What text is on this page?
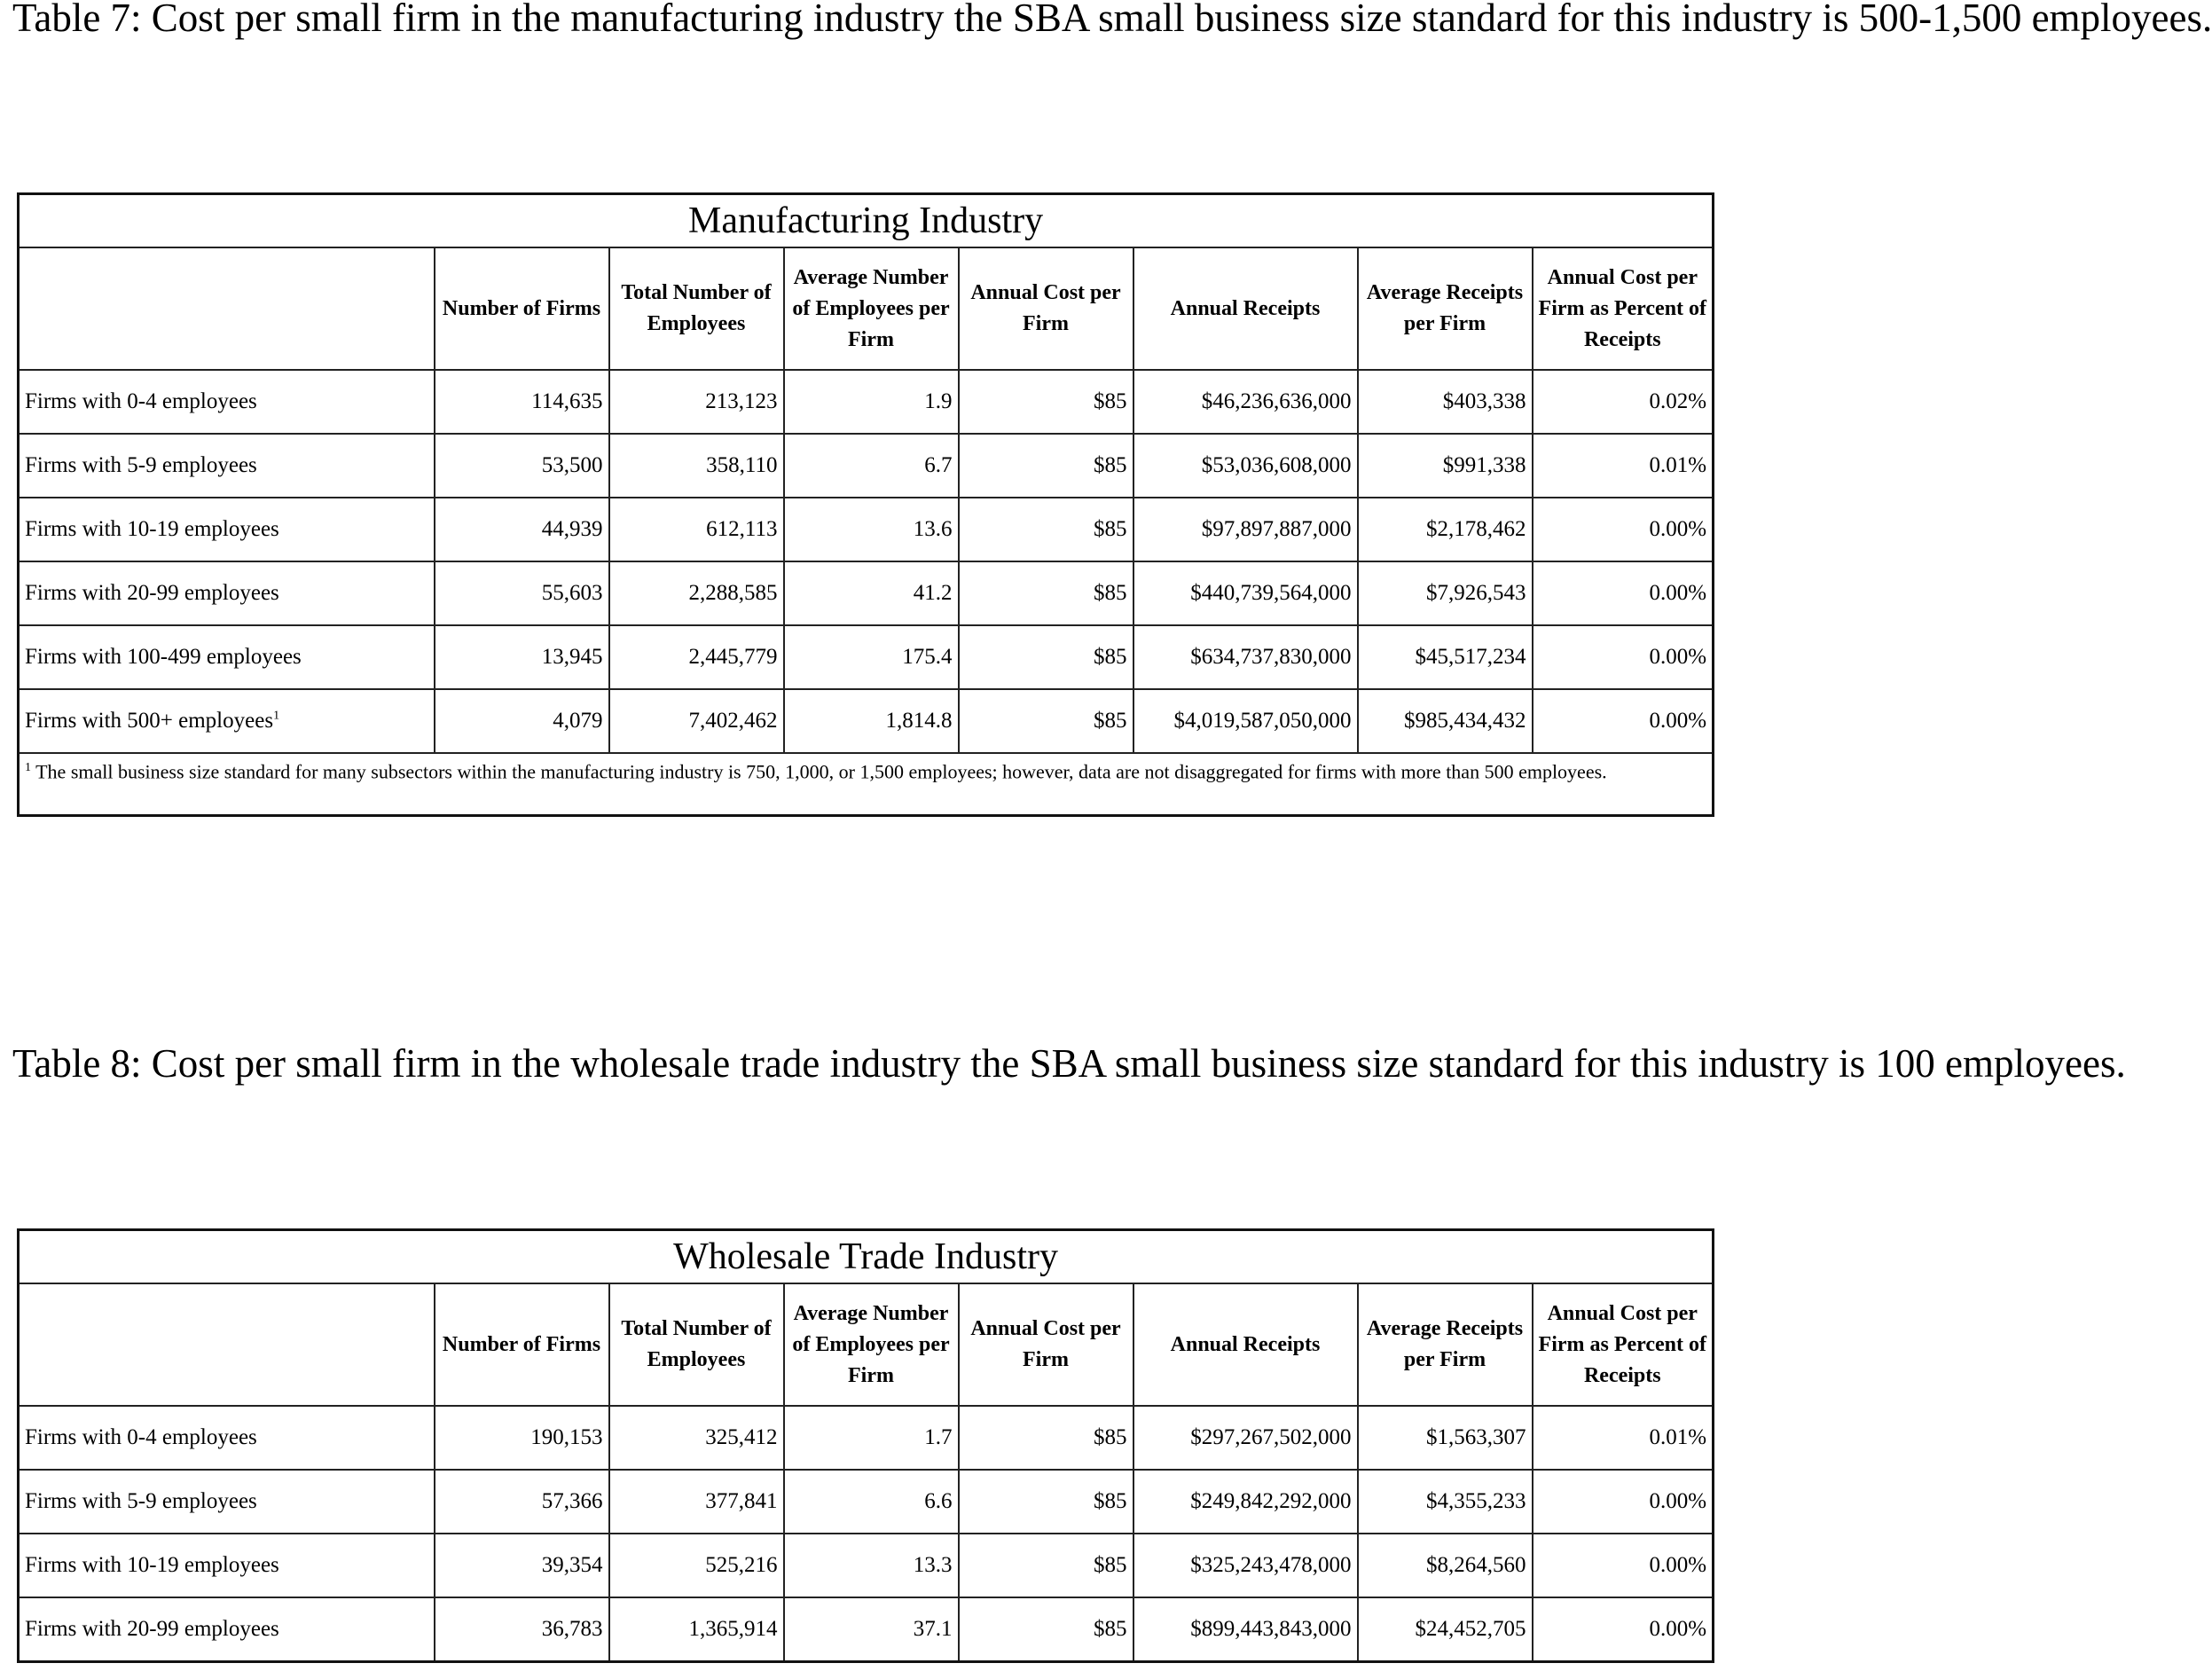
Table 7: Cost per small firm in the manufacturing industry the SBA small business size standard for this industry is 500-1,500 employees.

Manufacturing Industry							
	Number of Firms	Total Number of Employees	Average Number of Employees per Firm	Annual Cost per Firm	Annual Receipts	Average Receipts per Firm	Annual Cost per Firm as Percent of Receipts
Firms with 0-4 employees	114,635	213,123	1.9	$85	$46,236,636,000	$403,338	0.02%
Firms with 5-9 employees	53,500	358,110	6.7	$85	$53,036,608,000	$991,338	0.01%
Firms with 10-19 employees	44,939	612,113	13.6	$85	$97,897,887,000	$2,178,462	0.00%
Firms with 20-99 employees	55,603	2,288,585	41.2	$85	$440,739,564,000	$7,926,543	0.00%
Firms with 100-499 employees	13,945	2,445,779	175.4	$85	$634,737,830,000	$45,517,234	0.00%
Firms with 500+ employees$^1$	4,079	7,402,462	1,814.8	$85	$4,019,587,050,000	$985,434,432	0.00%
$^1$ The small business size standard for many subsectors within the manufacturing industry is 750, 1,000, or 1,500 employees; however, data are not disaggregated for firms with more than 500 employees.							

Table 8: Cost per small firm in the wholesale trade industry the SBA small business size standard for this industry is 100 employees.

Wholesale Trade Industry							
	Number of Firms	Total Number of Employees	Average Number of Employees per Firm	Annual Cost per Firm	Annual Receipts	Average Receipts per Firm	Annual Cost per Firm as Percent of Receipts
Firms with 0-4 employees	190,153	325,412	1.7	$85	$297,267,502,000	$1,563,307	0.01%
Firms with 5-9 employees	57,366	377,841	6.6	$85	$249,842,292,000	$4,355,233	0.00%
Firms with 10-19 employees	39,354	525,216	13.3	$85	$325,243,478,000	$8,264,560	0.00%
Firms with 20-99 employees	36,783	1,365,914	37.1	$85	$899,443,843,000	$24,452,705	0.00%
